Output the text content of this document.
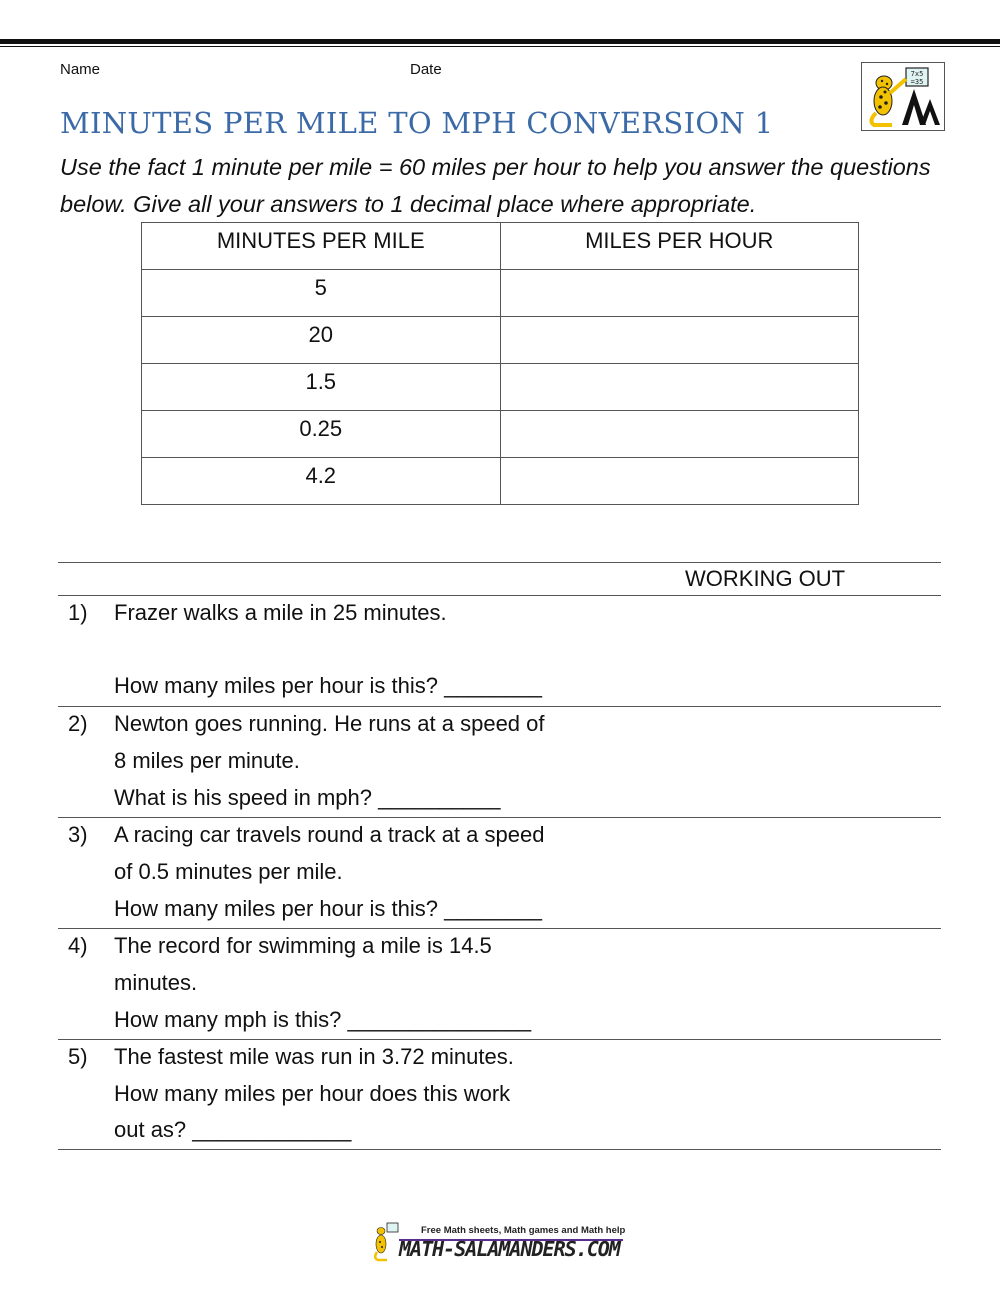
Name	Date	7x5
=35
MINUTES PER MILE TO MPH CONVERSION 1
Use the fact 1 minute per mile = 60 miles per hour to help you answer the questions
below. Give all your answers to 1 decimal place where appropriate.
MINUTES PER MILE	MILES PER HOUR
5	
20	
1.5	
0.25	
4.2	
WORKING OUT
1) Frazer walks a mile in 25 minutes.
How many miles per hour is this? ________
2) Newton goes running. He runs at a speed of
8 miles per minute.
What is his speed in mph? __________
3) A racing car travels round a track at a speed
of 0.5 minutes per mile.
How many miles per hour is this? ________
4) The record for swimming a mile is 14.5
minutes.
How many mph is this? _______________
5) The fastest mile was run in 3.72 minutes.
How many miles per hour does this work
out as? _____________
Free Math sheets, Math games and Math help
MATH-SALAMANDERS.COM
